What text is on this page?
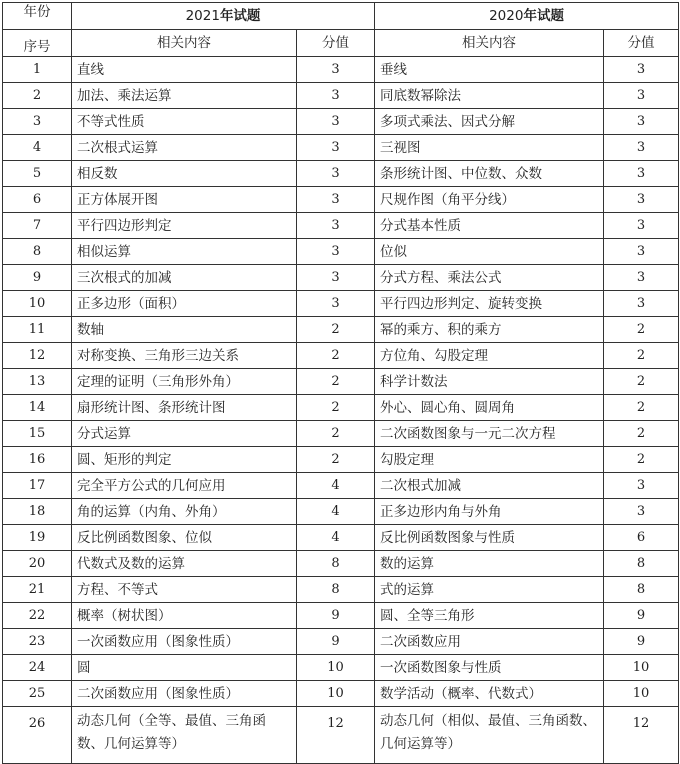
年份	2021年试题		2020年试题	
序号	相关内容	分值	相关内容	分值
1	直线	3	垂线	3
2	加法、乘法运算	3	同底数幂除法	3
3	不等式性质	3	多项式乘法、因式分解	3
4	二次根式运算	3	三视图	3
5	相反数	3	条形统计图、中位数、众数	3
6	正方体展开图	3	尺规作图（角平分线）	3
7	平行四边形判定	3	分式基本性质	3
8	相似运算	3	位似	3
9	三次根式的加减	3	分式方程、乘法公式	3
10	正多边形（面积）	3	平行四边形判定、旋转变换	3
11	数轴	2	幂的乘方、积的乘方	2
12	对称变换、三角形三边关系	2	方位角、勾股定理	2
13	定理的证明（三角形外角）	2	科学计数法	2
14	扇形统计图、条形统计图	2	外心、圆心角、圆周角	2
15	分式运算	2	二次函数图象与一元二次方程	2
16	圆、矩形的判定	2	勾股定理	2
17	完全平方公式的几何应用	4	二次根式加减	3
18	角的运算（内角、外角）	4	正多边形内角与外角	3
19	反比例函数图象、位似	4	反比例函数图象与性质	6
20	代数式及数的运算	8	数的运算	8
21	方程、不等式	8	式的运算	8
22	概率（树状图）	9	圆、全等三角形	9
23	一次函数应用（图象性质）	9	二次函数应用	9
24	圆	10	一次函数图象与性质	10
25	二次函数应用（图象性质）	10	数学活动（概率、代数式）	10
26	动态几何（全等、最值、三角函数、几何运算等）	12	动态几何（相似、最值、三角函数、几何运算等）	12
